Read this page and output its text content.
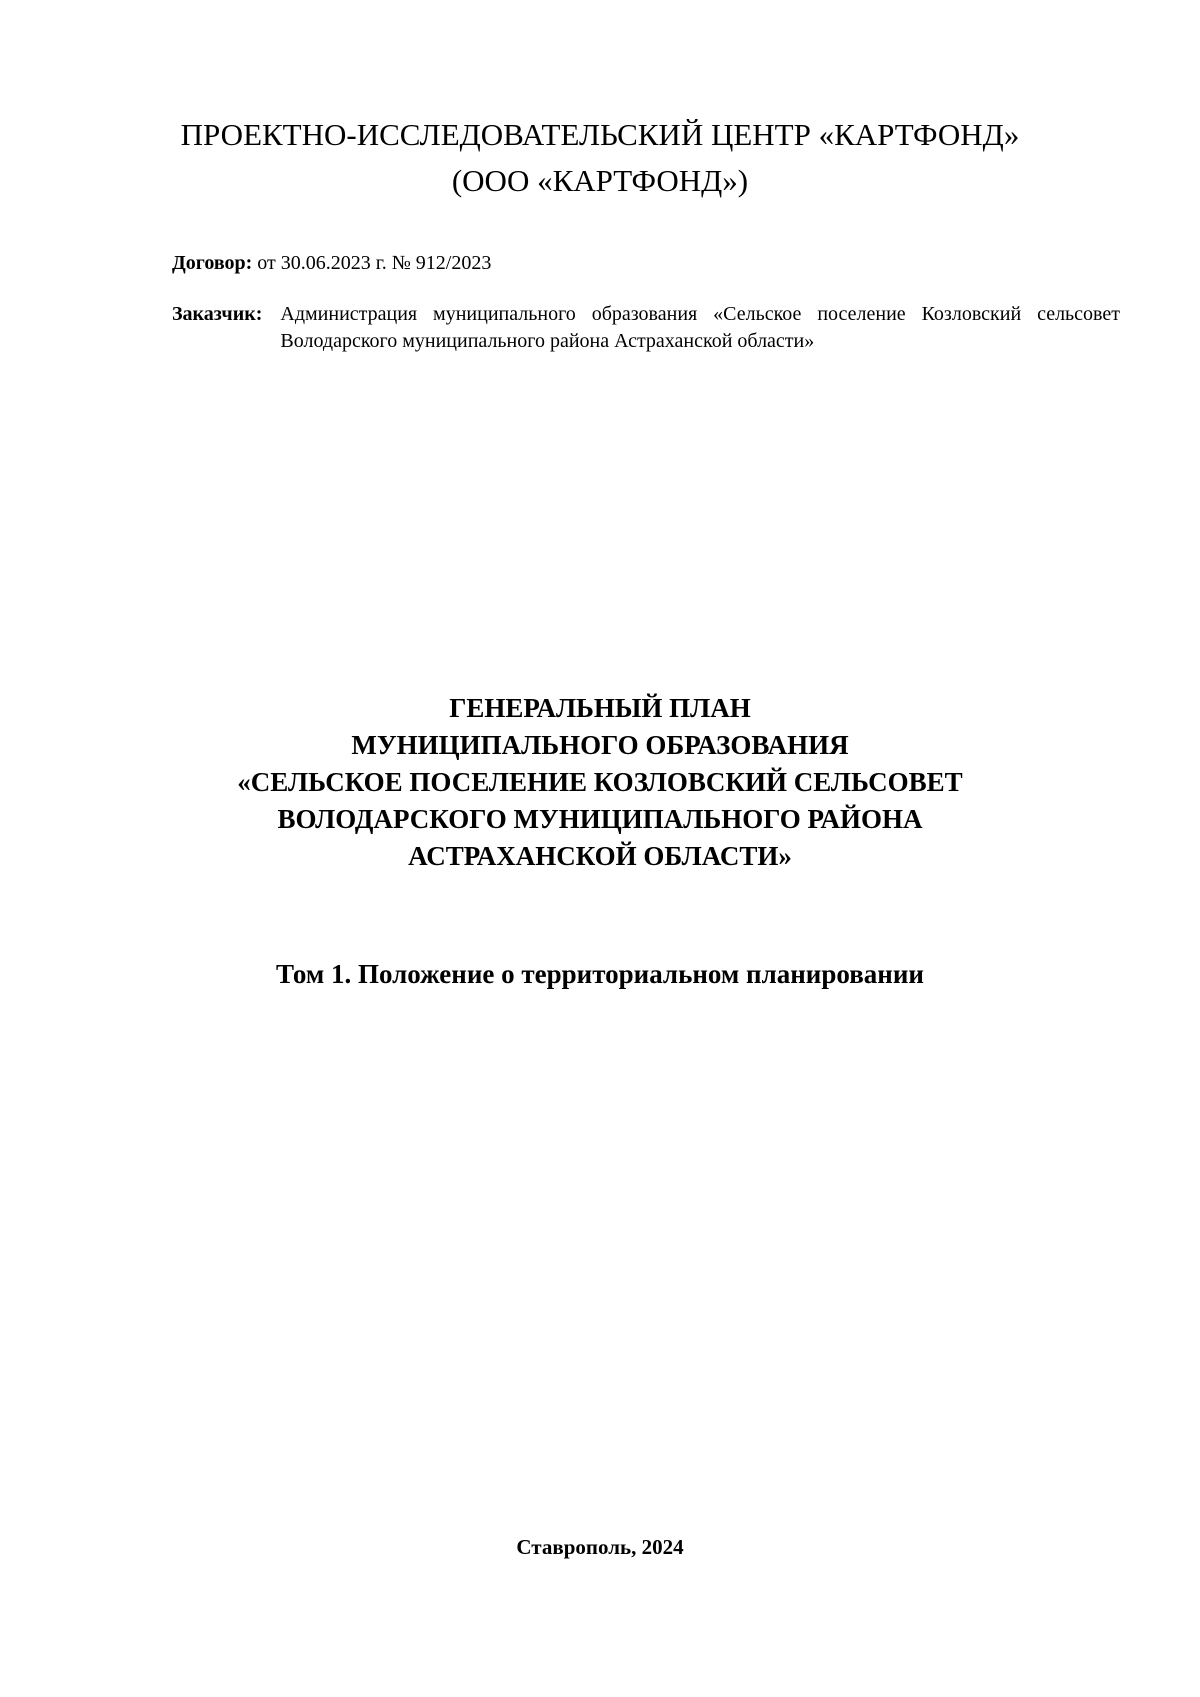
ПРОЕКТНО-ИССЛЕДОВАТЕЛЬСКИЙ ЦЕНТР «КАРТФОНД»
(ООО «КАРТФОНД»)
Договор: от 30.06.2023 г. № 912/2023
Заказчик: Администрация муниципального образования «Сельское поселение Козловский сельсовет Володарского муниципального района Астраханской области»
ГЕНЕРАЛЬНЫЙ ПЛАН
МУНИЦИПАЛЬНОГО ОБРАЗОВАНИЯ
«СЕЛЬСКОЕ ПОСЕЛЕНИЕ КОЗЛОВСКИЙ СЕЛЬСОВЕТ
ВОЛОДАРСКОГО МУНИЦИПАЛЬНОГО РАЙОНА
АСТРАХАНСКОЙ ОБЛАСТИ»
Том 1. Положение о территориальном планировании
Ставрополь, 2024
